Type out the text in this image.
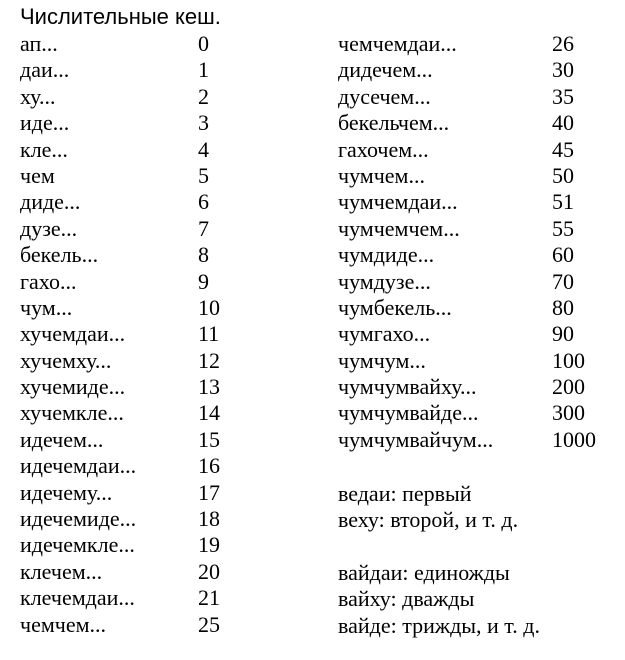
Числительные кеш.
ап...	0
даи...	1
ху...	2
иде...	3
кле...	4
чем	5
диде...	6
дузе...	7
бекель...	8
гахо...	9
чум...	10
хучемдаи...	11
хучемху...	12
хучемиде...	13
хучемкле...	14
идечем...	15
идечемдаи...	16
идечему...	17
идечемиде...	18
идечемкле...	19
клечем...	20
клечемдаи...	21
чемчем...	25
чемчемдаи...	26
дидечем...	30
дусечем...	35
бекельчем...	40
гахочем...	45
чумчем...	50
чумчемдаи...	51
чумчемчем...	55
чумдиде...	60
чумдузе...	70
чумбекель...	80
чумгахо...	90
чумчум...	100
чумчумвайху...	200
чумчумвайде...	300
чумчумвайчум...	1000
ведаи: первый
веху: второй, и т. д.
вайдаи: единожды
вайху: дважды
вайде: трижды, и т. д.
